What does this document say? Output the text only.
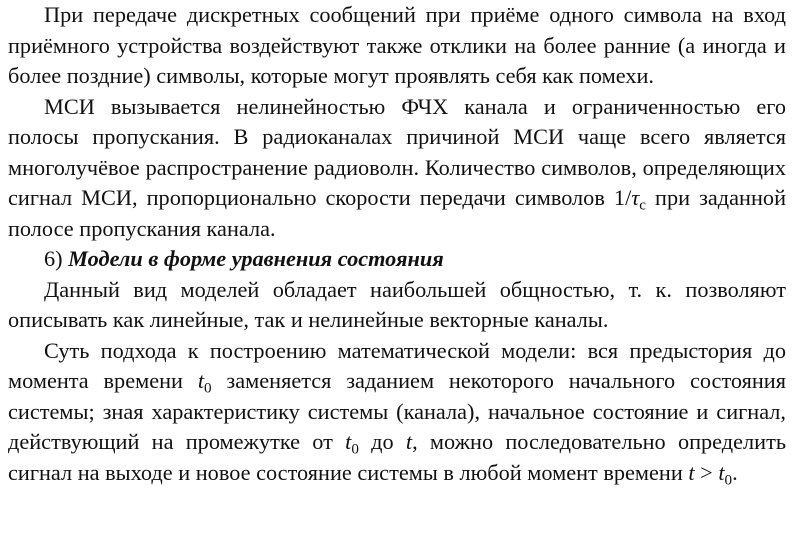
При передаче дискретных сообщений при приёме одного символа на вход приёмного устройства воздействуют также отклики на более ранние (а иногда и более поздние) символы, которые могут проявлять себя как помехи.

МСИ вызывается нелинейностью ФЧХ канала и ограниченностью его полосы пропускания. В радиоканалах причиной МСИ чаще всего является многолучёвое распространение радиоволн. Количество символов, определяющих сигнал МСИ, пропорционально скорости передачи символов $1/\tau_c$ при заданной полосе пропускания канала.

6) Модели в форме уравнения состояния

Данный вид моделей обладает наибольшей общностью, т. к. позволяют описывать как линейные, так и нелинейные векторные каналы.

Суть подхода к построению математической модели: вся предыстория до момента времени $t_0$ заменяется заданием некоторого начального состояния системы; зная характеристику системы (канала), начальное состояние и сигнал, действующий на промежутке от $t_0$ до t, можно последовательно определить сигнал на выходе и новое состояние системы в любой момент времени $t > t_0$.
